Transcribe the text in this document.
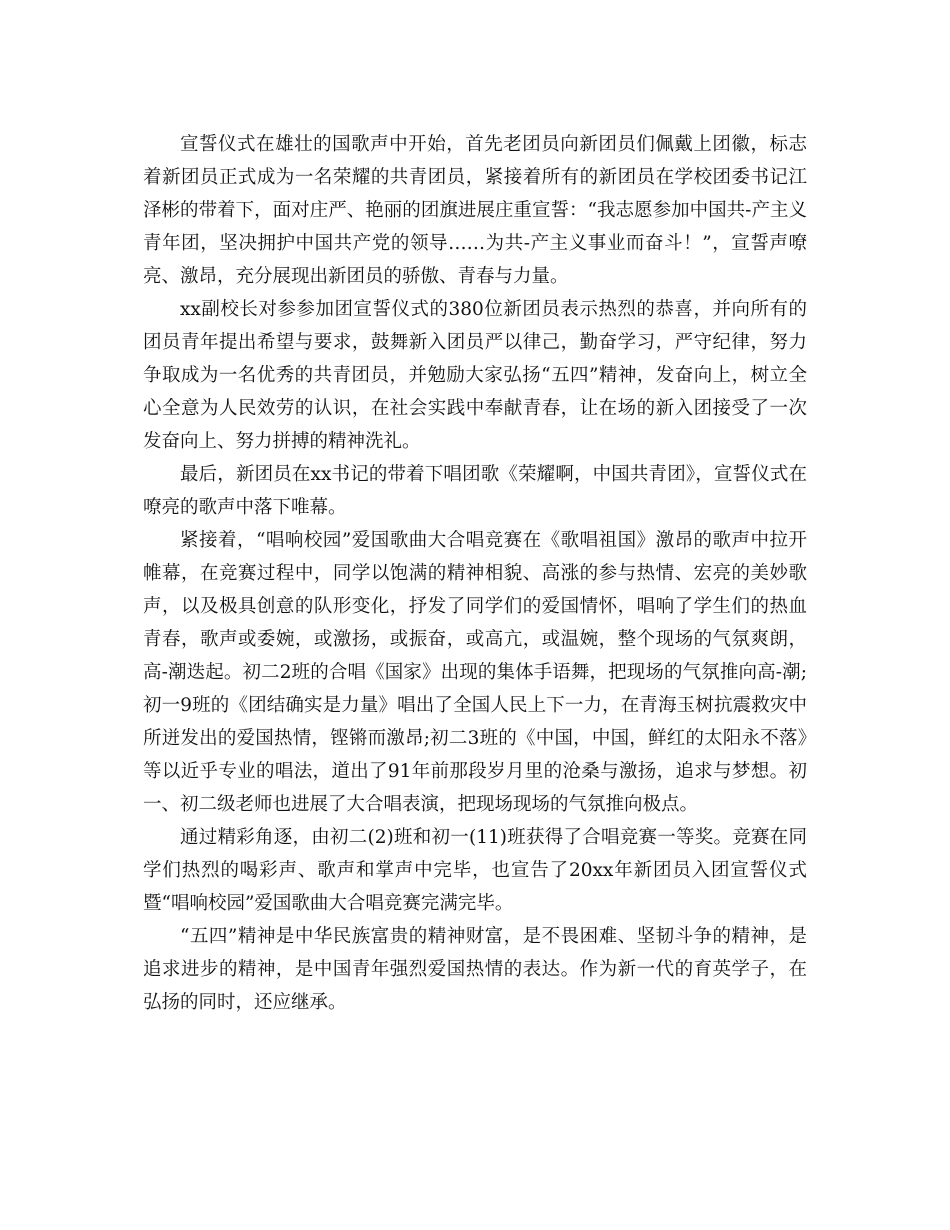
宣誓仪式在雄壮的国歌声中开始，首先老团员向新团员们佩戴上团徽，标志着新团员正式成为一名荣耀的共青团员，紧接着所有的新团员在学校团委书记江泽彬的带着下，面对庄严、艳丽的团旗进展庄重宣誓：“我志愿参加中国共-产主义青年团，坚决拥护中国共产党的领导……为共-产主义事业而奋斗！”，宣誓声嘹亮、激昂，充分展现出新团员的骄傲、青春与力量。

xx副校长对参参加团宣誓仪式的380位新团员表示热烈的恭喜，并向所有的团员青年提出希望与要求，鼓舞新入团员严以律己，勤奋学习，严守纪律，努力争取成为一名优秀的共青团员，并勉励大家弘扬“五四”精神，发奋向上，树立全心全意为人民效劳的认识，在社会实践中奉献青春，让在场的新入团接受了一次发奋向上、努力拼搏的精神洗礼。

最后，新团员在xx书记的带着下唱团歌《荣耀啊，中国共青团》，宣誓仪式在嘹亮的歌声中落下唯幕。

紧接着，“唱响校园”爱国歌曲大合唱竞赛在《歌唱祖国》激昂的歌声中拉开帷幕，在竞赛过程中，同学以饱满的精神相貌、高涨的参与热情、宏亮的美妙歌声，以及极具创意的队形变化，抒发了同学们的爱国情怀，唱响了学生们的热血青春，歌声或委婉，或激扬，或振奋，或高亢，或温婉，整个现场的气氛爽朗，高-潮迭起。初二2班的合唱《国家》出现的集体手语舞，把现场的气氛推向高-潮;初一9班的《团结确实是力量》唱出了全国人民上下一力，在青海玉树抗震救灾中所迸发出的爱国热情，铿锵而激昂;初二3班的《中国，中国，鲜红的太阳永不落》等以近乎专业的唱法，道出了91年前那段岁月里的沧桑与激扬，追求与梦想。初一、初二级老师也进展了大合唱表演，把现场现场的气氛推向极点。

通过精彩角逐，由初二(2)班和初一(11)班获得了合唱竞赛一等奖。竞赛在同学们热烈的喝彩声、歌声和掌声中完毕，也宣告了20xx年新团员入团宣誓仪式暨“唱响校园”爱国歌曲大合唱竞赛完满完毕。

“五四”精神是中华民族富贵的精神财富，是不畏困难、坚韧斗争的精神，是追求进步的精神，是中国青年强烈爱国热情的表达。作为新一代的育英学子，在弘扬的同时，还应继承。
